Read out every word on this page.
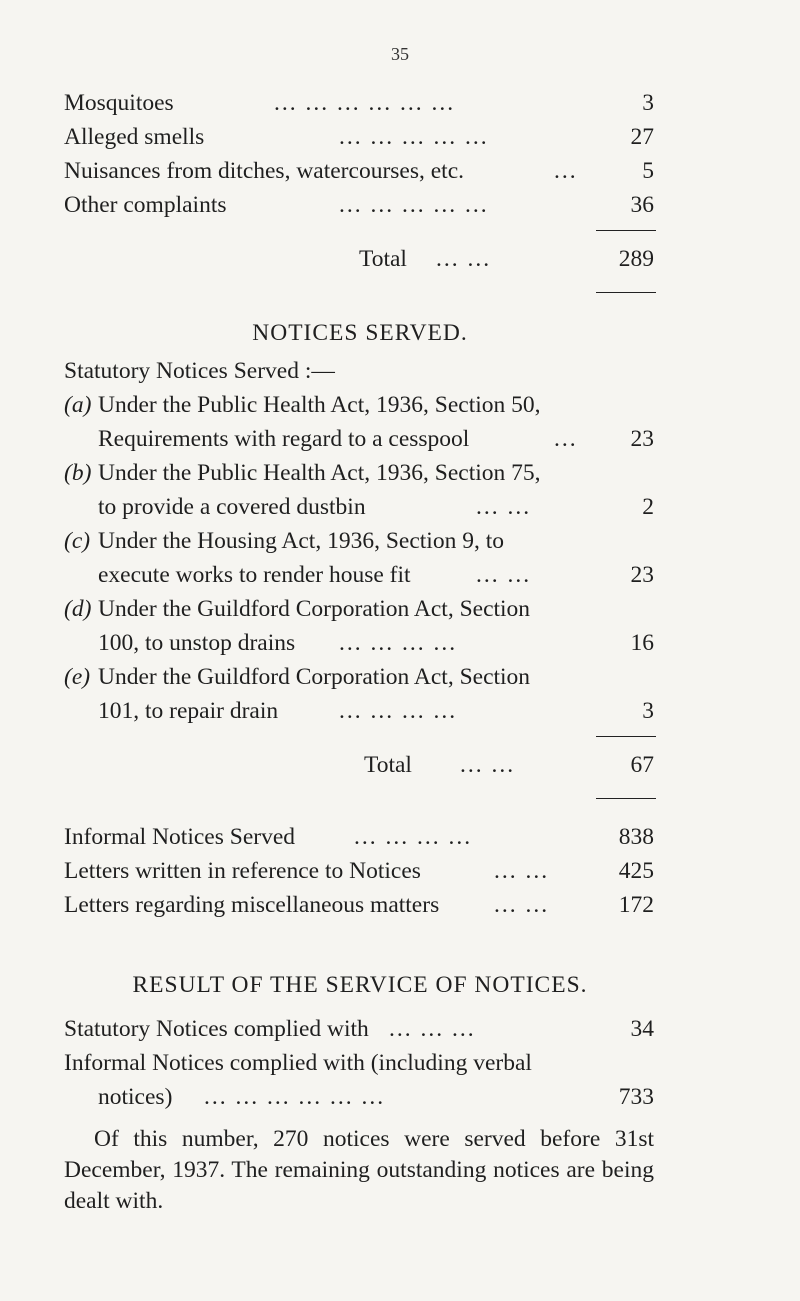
35
Mosquitoes	... ... ... ... ... ...	3
Alleged smells	... ... ... ... ...	27
Nuisances from ditches, watercourses, etc.	...	5
Other complaints	... ... ... ... ...	36
Total ... ...	289
NOTICES SERVED.
Statutory Notices Served :—
(a) Under the Public Health Act, 1936, Section 50,
Requirements with regard to a cesspool	... 23
(b) Under the Public Health Act, 1936, Section 75,
to provide a covered dustbin	... ...	2
(c) Under the Housing Act, 1936, Section 9, to
execute works to render house fit	... ...	23
(d) Under the Guildford Corporation Act, Section
100, to unstop drains ... ... ... ...	16
(e) Under the Guildford Corporation Act, Section
101, to repair drain	... ... ... ...	3
Total ... ...	67
Informal Notices Served	... ... ... ...	838
Letters written in reference to Notices	... ...	425
Letters regarding miscellaneous matters ... ...	172
RESULT OF THE SERVICE OF NOTICES.
Statutory Notices complied with ... ... ...	34
Informal Notices complied with (including verbal
notices) ... ... ... ... ... ...	733
Of this number, 270 notices were served before 31st December, 1937. The remaining outstanding notices are being dealt with.
